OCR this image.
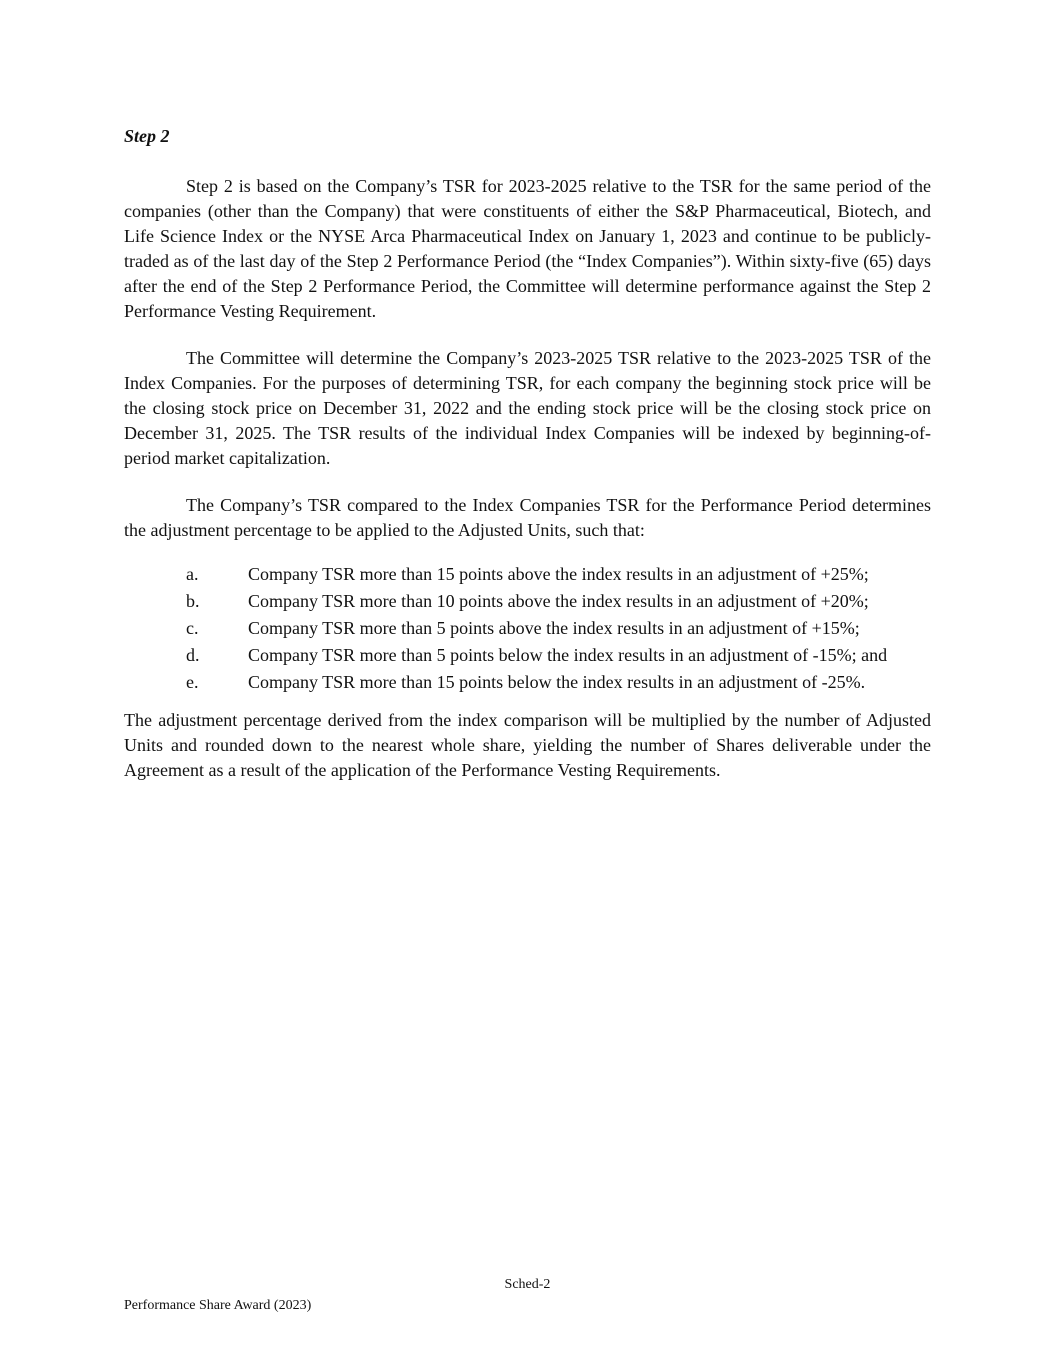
Step 2

Step 2 is based on the Company’s TSR for 2023-2025 relative to the TSR for the same period of the companies (other than the Company) that were constituents of either the S&P Pharmaceutical, Biotech, and Life Science Index or the NYSE Arca Pharmaceutical Index on January 1, 2023 and continue to be publicly-traded as of the last day of the Step 2 Performance Period (the “Index Companies”). Within sixty-five (65) days after the end of the Step 2 Performance Period, the Committee will determine performance against the Step 2 Performance Vesting Requirement.

The Committee will determine the Company’s 2023-2025 TSR relative to the 2023-2025 TSR of the Index Companies. For the purposes of determining TSR, for each company the beginning stock price will be the closing stock price on December 31, 2022 and the ending stock price will be the closing stock price on December 31, 2025. The TSR results of the individual Index Companies will be indexed by beginning-of-period market capitalization.

The Company’s TSR compared to the Index Companies TSR for the Performance Period determines the adjustment percentage to be applied to the Adjusted Units, such that:

a.	Company TSR more than 15 points above the index results in an adjustment of +25%;
b.	Company TSR more than 10 points above the index results in an adjustment of +20%;
c.	Company TSR more than 5 points above the index results in an adjustment of +15%;
d.	Company TSR more than 5 points below the index results in an adjustment of -15%; and
e.	Company TSR more than 15 points below the index results in an adjustment of -25%.

The adjustment percentage derived from the index comparison will be multiplied by the number of Adjusted Units and rounded down to the nearest whole share, yielding the number of Shares deliverable under the Agreement as a result of the application of the Performance Vesting Requirements.

Sched-2
Performance Share Award (2023)
